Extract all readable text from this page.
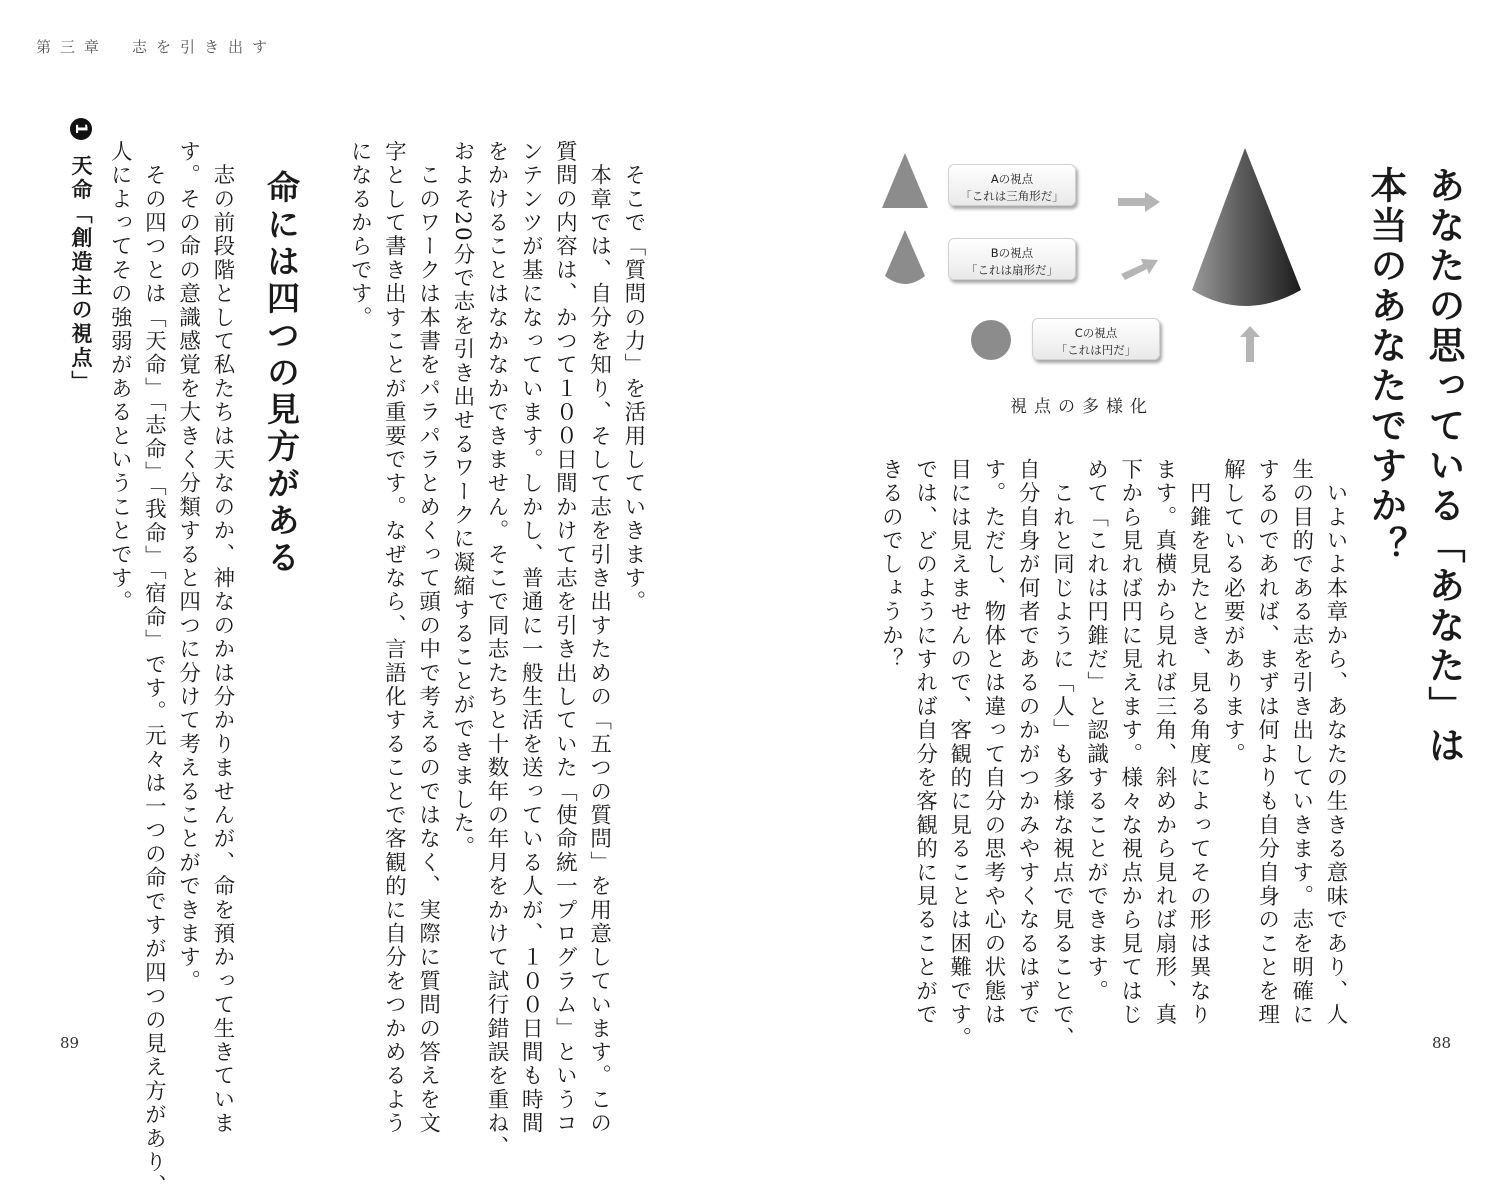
第三章　志を引き出す
あなたの思っている「あなた」は
本当のあなたですか？
Aの視点
「これは三角形だ」
Bの視点
「これは扇形だ」
Cの視点
「これは円だ」
視点の多様化
　いよいよ本章から、あなたの生きる意味であり、人
生の目的である志を引き出していきます。志を明確に
するのであれば、まずは何よりも自分自身のことを理
解している必要があります。
　円錐を見たとき、見る角度によってその形は異なり
ます。真横から見れば三角、斜めから見れば扇形、真
下から見れば円に見えます。様々な視点から見てはじ
めて「これは円錐だ」と認識することができます。
　これと同じように「人」も多様な視点で見ることで、
自分自身が何者であるのかがつかみやすくなるはずで
す。ただし、物体とは違って自分の思考や心の状態は
目には見えませんので、客観的に見ることは困難です。
では、どのようにすれば自分を客観的に見ることがで
きるのでしょうか？
88
　そこで「質問の力」を活用していきます。
　本章では、自分を知り、そして志を引き出すための「五つの質問」を用意しています。この
質問の内容は、かつて１００日間かけて志を引き出していた「使命統一プログラム」というコ
ンテンツが基になっています。しかし、普通に一般生活を送っている人が、１００日間も時間
をかけることはなかなかできません。そこで同志たちと十数年の年月をかけて試行錯誤を重ね、
およそ20分で志を引き出せるワークに凝縮することができました。
　このワークは本書をパラパラとめくって頭の中で考えるのではなく、実際に質問の答えを文
字として書き出すことが重要です。なぜなら、言語化することで客観的に自分をつかめるよう
になるからです。
命には四つの見方がある
　志の前段階として私たちは天なのか、神なのかは分かりませんが、命を預かって生きていま
す。その命の意識感覚を大きく分類すると四つに分けて考えることができます。
　その四つとは「天命」「志命」「我命」「宿命」です。元々は一つの命ですが四つの見え方があり、
人によってその強弱があるということです。
1 天命「創造主の視点」
89
